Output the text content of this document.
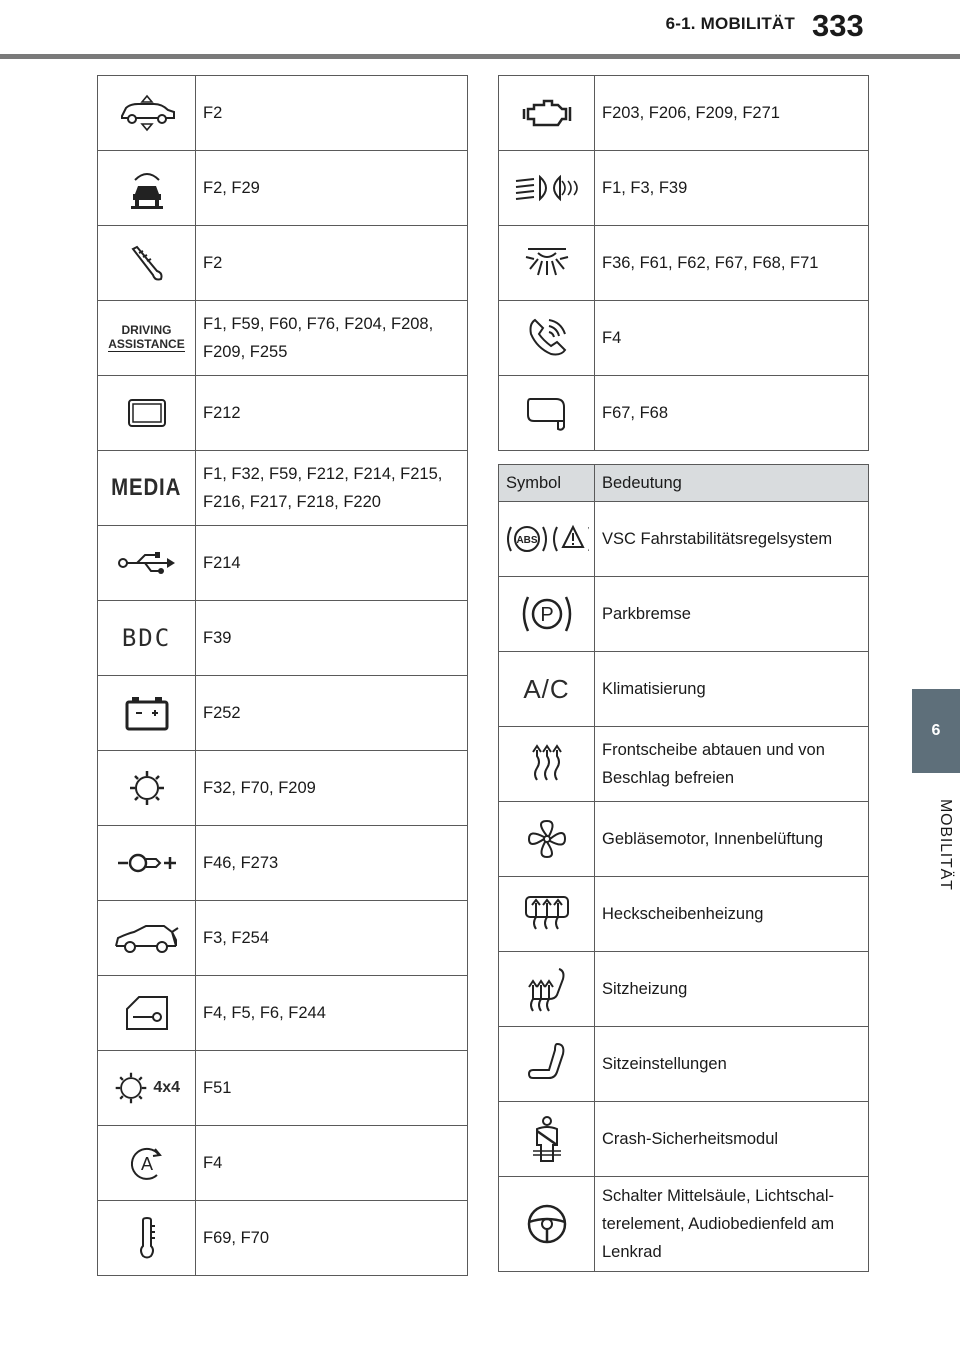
6-1. MOBILITÄT 333
6
MOBILITÄT
	F2
	F2, F29
	F2
DRIVING
ASSISTANCE	F1, F59, F60, F76, F204, F208, F209, F255
	F212
MEDIA	F1, F32, F59, F212, F214, F215, F216, F217, F218, F220
	F214
BDC	F39
	F252
	F32, F70, F209
	F46, F273
	F3, F254
	F4, F5, F6, F244
4x4	F51

A	F4
	F69, F70
	F203, F206, F209, F271
	F1, F3, F39
	F36, F61, F62, F67, F68, F71
	F4
	F67, F68
Symbol	Bedeutung

ABS	VSC Fahrstabilitätsregelsystem

P	Parkbremse
A/C	Klimatisierung
	Frontscheibe abtauen und von Beschlag befreien
	Gebläsemotor, Innenbelüftung
	Heckscheibenheizung
	Sitzheizung
	Sitzeinstellungen
	Crash-Sicherheitsmodul
	Schalter Mittelsäule, Lichtschal-terelement, Audiobedienfeld am Lenkrad
